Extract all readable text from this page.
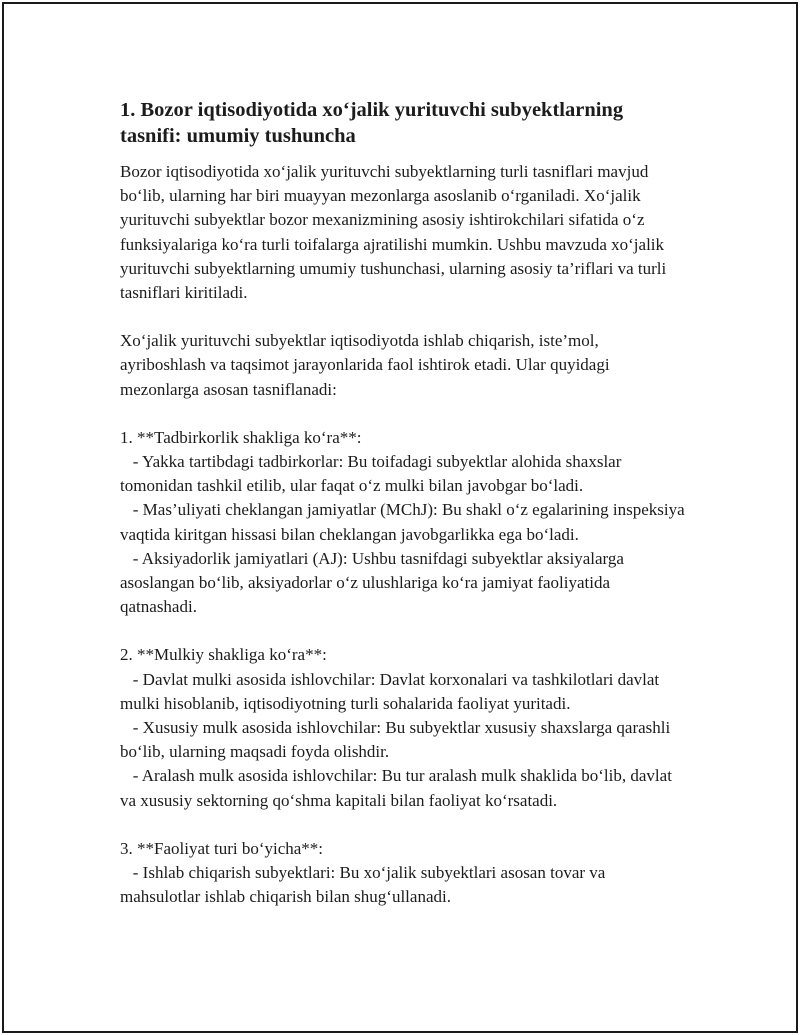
1. Bozor iqtisodiyotida xo‘jalik yurituvchi subyektlarning tasnifi: umumiy tushuncha

Bozor iqtisodiyotida xo‘jalik yurituvchi subyektlarning turli tasniflari mavjud bo‘lib, ularning har biri muayyan mezonlarga asoslanib o‘rganiladi. Xo‘jalik yurituvchi subyektlar bozor mexanizmining asosiy ishtirokchilari sifatida o‘z funksiyalariga ko‘ra turli toifalarga ajratilishi mumkin. Ushbu mavzuda xo‘jalik yurituvchi subyektlarning umumiy tushunchasi, ularning asosiy ta’riflari va turli tasniflari kiritiladi.

Xo‘jalik yurituvchi subyektlar iqtisodiyotda ishlab chiqarish, iste’mol, ayriboshlash va taqsimot jarayonlarida faol ishtirok etadi. Ular quyidagi mezonlarga asosan tasniflanadi:

1. **Tadbirkorlik shakliga ko‘ra**:
- Yakka tartibdagi tadbirkorlar: Bu toifadagi subyektlar alohida shaxslar tomonidan tashkil etilib, ular faqat o‘z mulki bilan javobgar bo‘ladi.
- Mas’uliyati cheklangan jamiyatlar (MChJ): Bu shakl o‘z egalarining inspeksiya vaqtida kiritgan hissasi bilan cheklangan javobgarlikka ega bo‘ladi.
- Aksiyadorlik jamiyatlari (AJ): Ushbu tasnifdagi subyektlar aksiyalarga asoslangan bo‘lib, aksiyadorlar o‘z ulushlariga ko‘ra jamiyat faoliyatida qatnashadi.

2. **Mulkiy shakliga ko‘ra**:
- Davlat mulki asosida ishlovchilar: Davlat korxonalari va tashkilotlari davlat mulki hisoblanib, iqtisodiyotning turli sohalarida faoliyat yuritadi.
- Xususiy mulk asosida ishlovchilar: Bu subyektlar xususiy shaxslarga qarashli bo‘lib, ularning maqsadi foyda olishdir.
- Aralash mulk asosida ishlovchilar: Bu tur aralash mulk shaklida bo‘lib, davlat va xususiy sektorning qo‘shma kapitali bilan faoliyat ko‘rsatadi.

3. **Faoliyat turi bo‘yicha**:
- Ishlab chiqarish subyektlari: Bu xo‘jalik subyektlari asosan tovar va mahsulotlar ishlab chiqarish bilan shug‘ullanadi.
